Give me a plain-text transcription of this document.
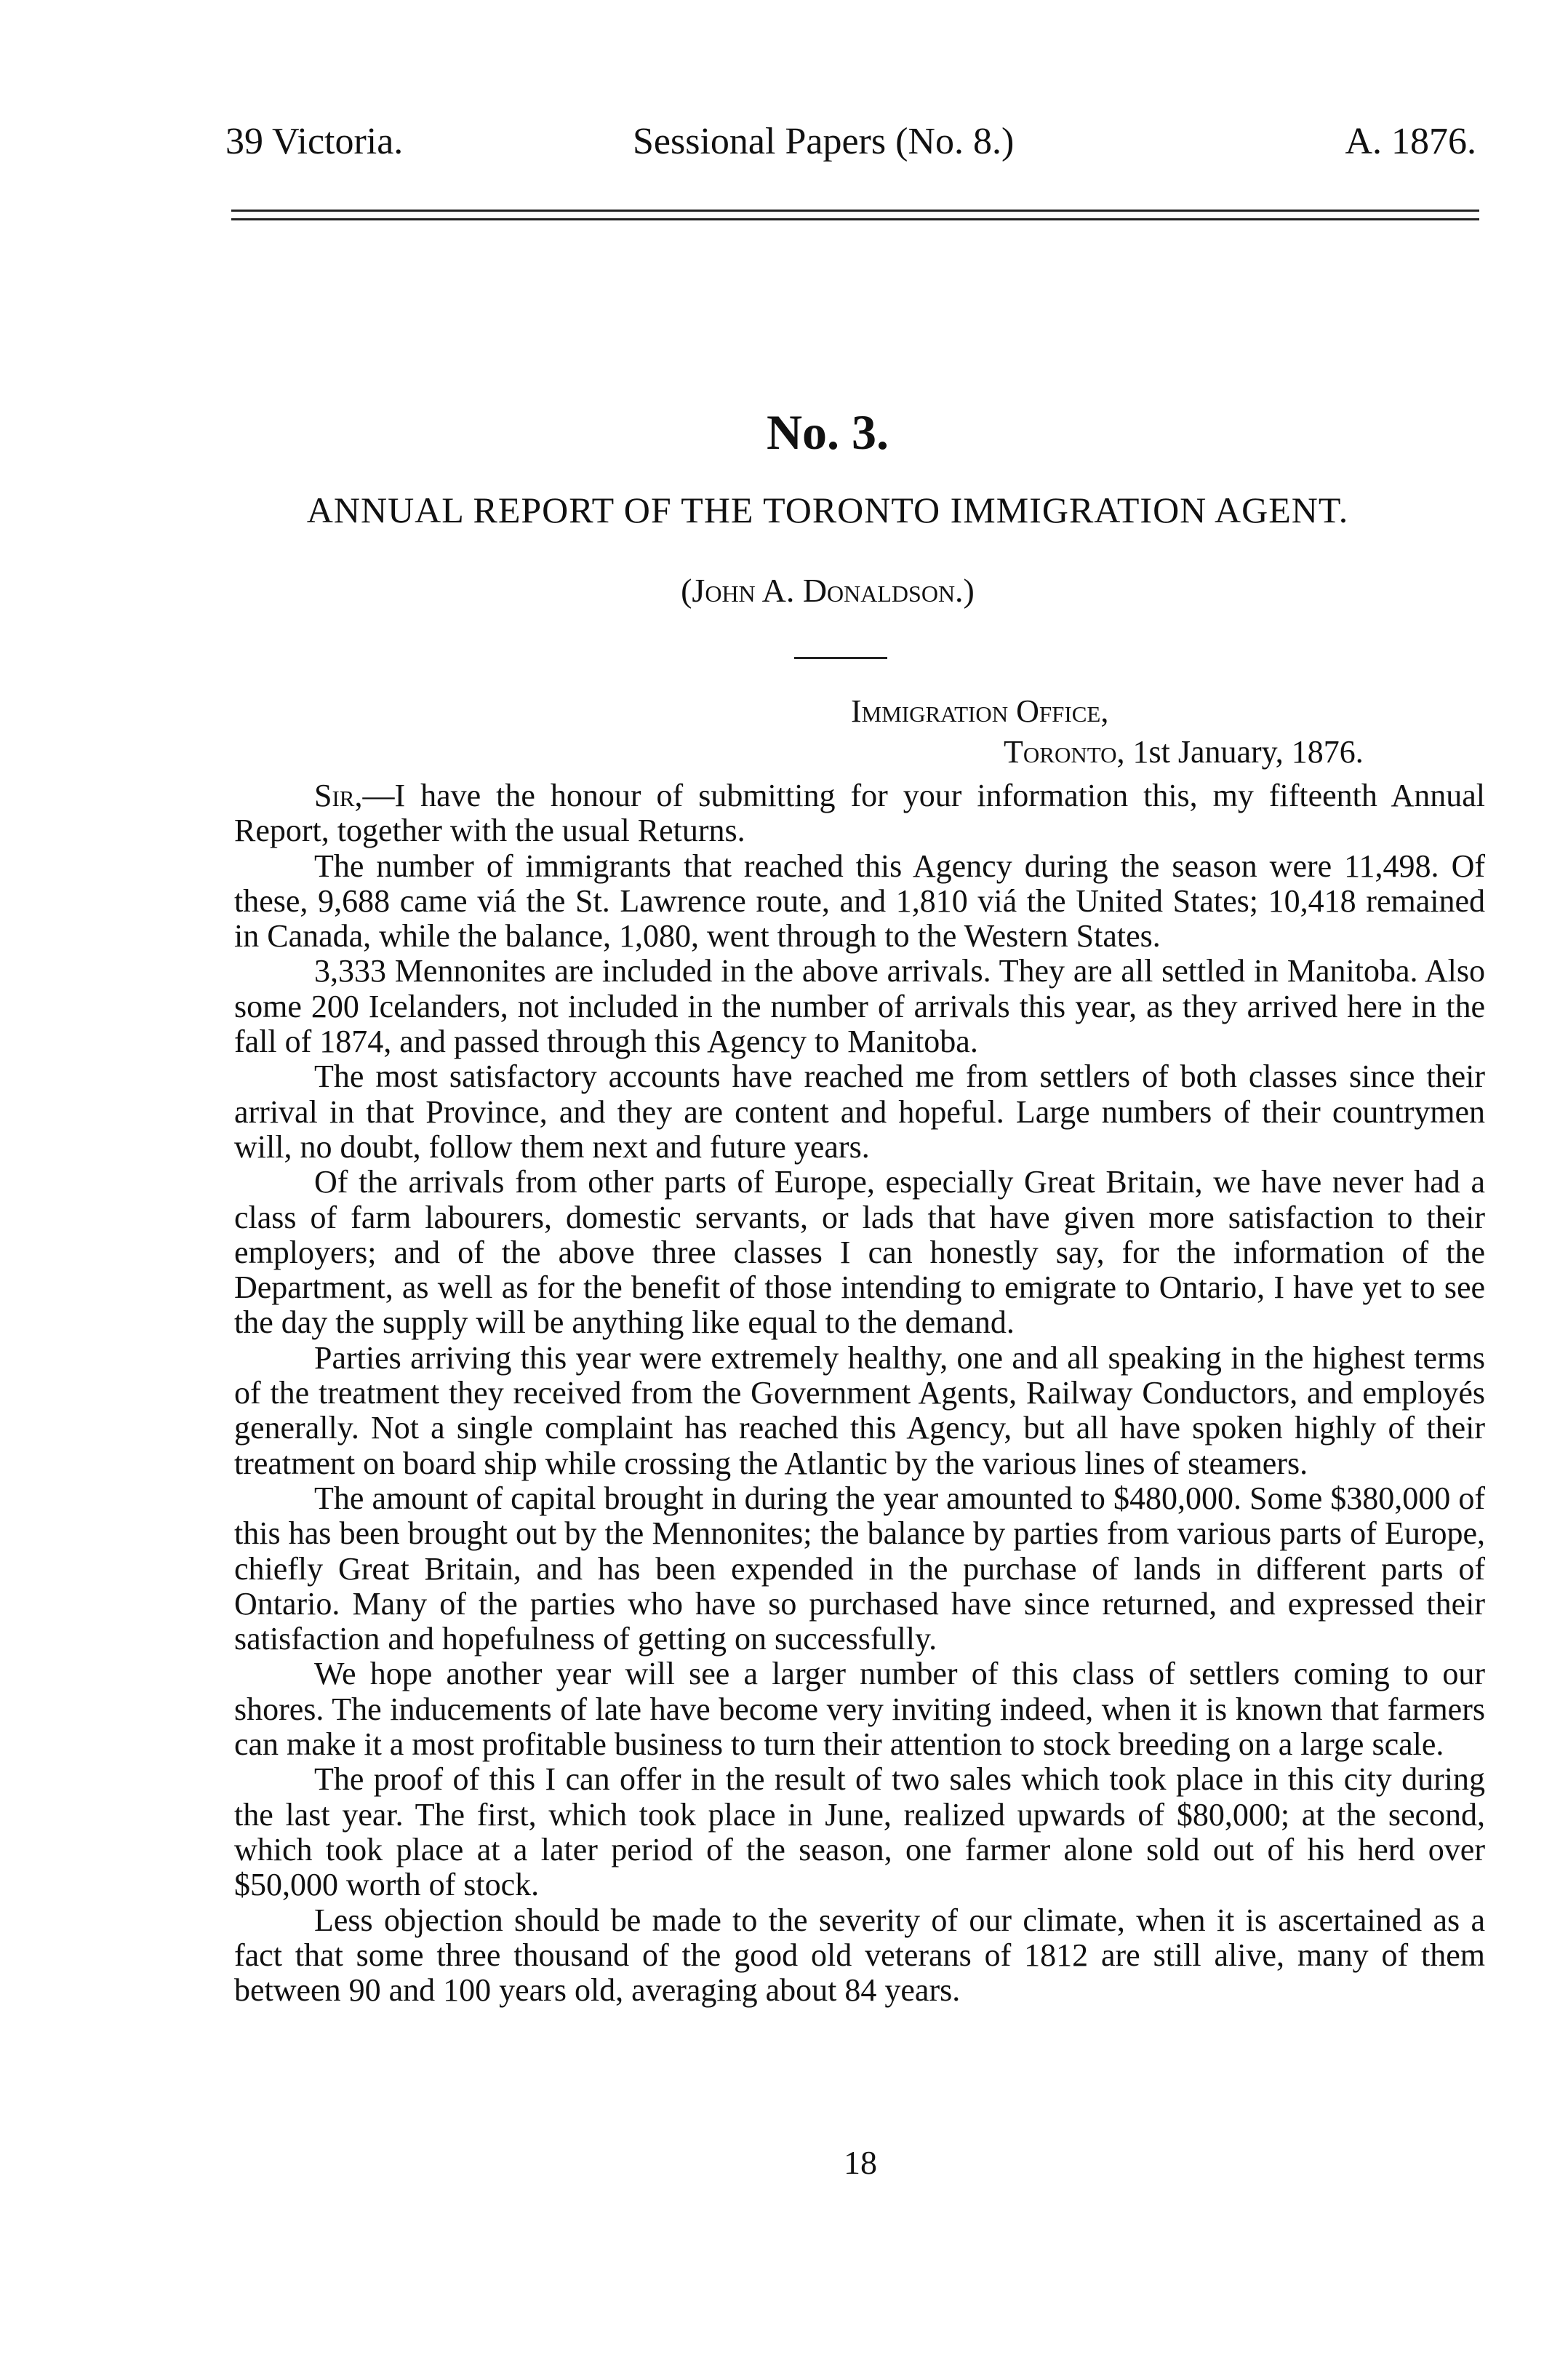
39 Victoria.	Sessional Papers (No. 8.)	A. 1876.
No. 3.
ANNUAL REPORT OF THE TORONTO IMMIGRATION AGENT.
(John A. Donaldson.)
Immigration Office,
Toronto, 1st January, 1876.

Sir,—I have the honour of submitting for your information this, my fifteenth Annual Report, together with the usual Returns.

The number of immigrants that reached this Agency during the season were 11,498. Of these, 9,688 came viá the St. Lawrence route, and 1,810 viá the United States; 10,418 remained in Canada, while the balance, 1,080, went through to the Western States.

3,333 Mennonites are included in the above arrivals. They are all settled in Manitoba. Also some 200 Icelanders, not included in the number of arrivals this year, as they arrived here in the fall of 1874, and passed through this Agency to Manitoba.

The most satisfactory accounts have reached me from settlers of both classes since their arrival in that Province, and they are content and hopeful. Large numbers of their countrymen will, no doubt, follow them next and future years.

Of the arrivals from other parts of Europe, especially Great Britain, we have never had a class of farm labourers, domestic servants, or lads that have given more satisfaction to their employers; and of the above three classes I can honestly say, for the information of the Department, as well as for the benefit of those intending to emigrate to Ontario, I have yet to see the day the supply will be anything like equal to the demand.

Parties arriving this year were extremely healthy, one and all speaking in the highest terms of the treatment they received from the Government Agents, Railway Conductors, and employés generally. Not a single complaint has reached this Agency, but all have spoken highly of their treatment on board ship while crossing the Atlantic by the various lines of steamers.

The amount of capital brought in during the year amounted to $480,000. Some $380,000 of this has been brought out by the Mennonites; the balance by parties from various parts of Europe, chiefly Great Britain, and has been expended in the purchase of lands in different parts of Ontario. Many of the parties who have so purchased have since returned, and expressed their satisfaction and hopefulness of getting on successfully.

We hope another year will see a larger number of this class of settlers coming to our shores. The inducements of late have become very inviting indeed, when it is known that farmers can make it a most profitable business to turn their attention to stock breeding on a large scale.

The proof of this I can offer in the result of two sales which took place in this city during the last year. The first, which took place in June, realized upwards of $80,000; at the second, which took place at a later period of the season, one farmer alone sold out of his herd over $50,000 worth of stock.

Less objection should be made to the severity of our climate, when it is ascertained as a fact that some three thousand of the good old veterans of 1812 are still alive, many of them between 90 and 100 years old, averaging about 84 years.

18
